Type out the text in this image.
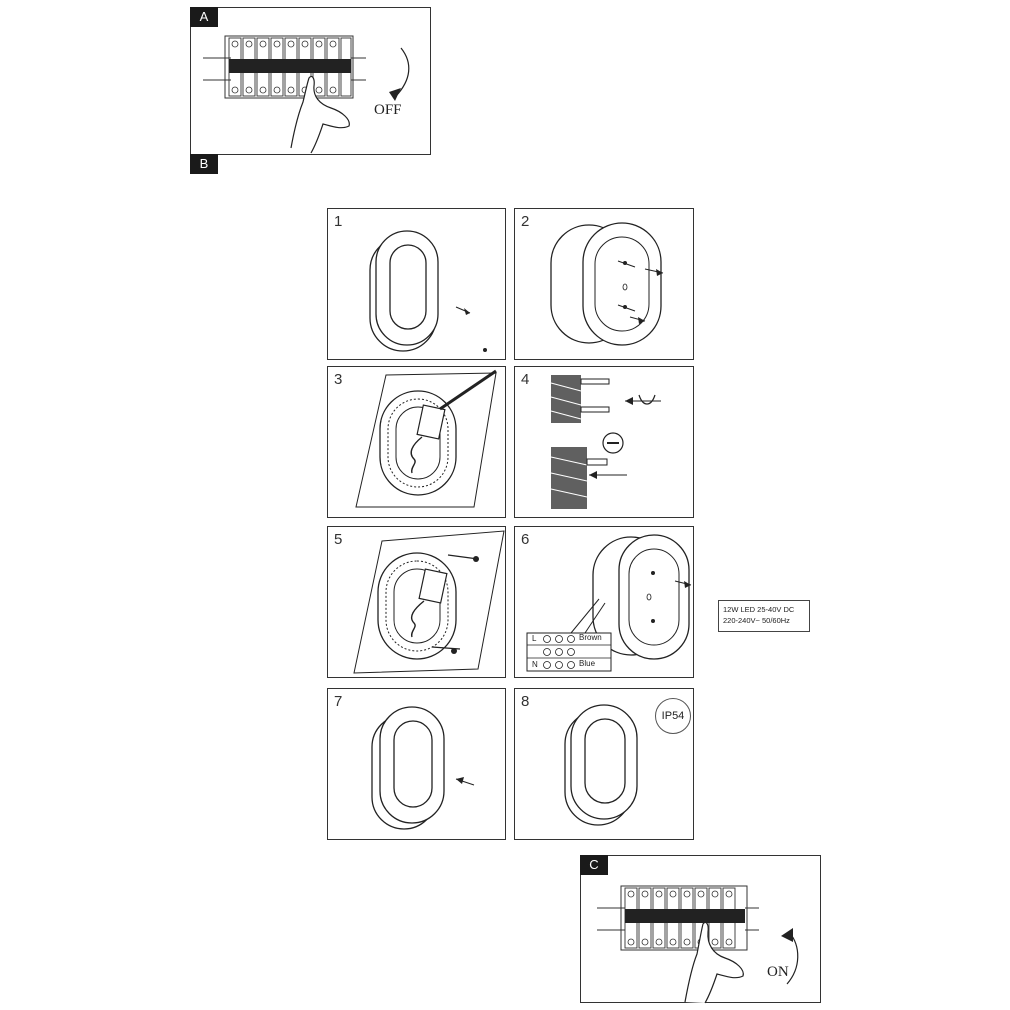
OFF
A
B
1	2
3	4
5	6
L
N
Brown
Blue
12W LED 25-40V DC
220-240V~ 50/60Hz
7	8
IP54
ON
C
